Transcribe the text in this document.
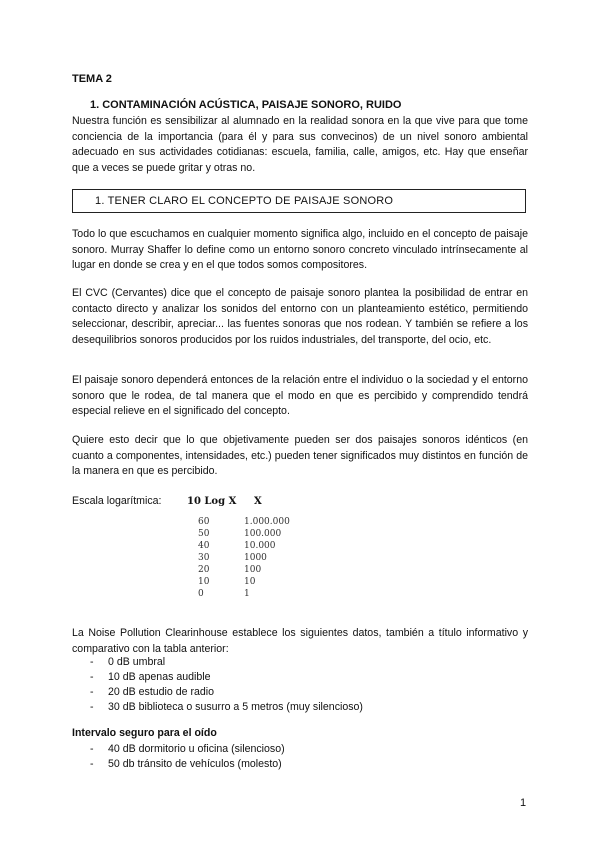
TEMA 2
1. CONTAMINACIÓN ACÚSTICA, PAISAJE SONORO, RUIDO

Nuestra función es sensibilizar al alumnado en la realidad sonora en la que vive para que tome conciencia de la importancia (para él y para sus convecinos) de un nivel sonoro ambiental adecuado en sus actividades cotidianas: escuela, familia, calle, amigos, etc. Hay que enseñar que a veces se puede gritar y otras no.

1. TENER CLARO EL CONCEPTO DE PAISAJE SONORO

Todo lo que escuchamos en cualquier momento significa algo, incluido en el concepto de paisaje sonoro. Murray Shaffer lo define como un entorno sonoro concreto vinculado intrínsecamente al lugar en donde se crea y en el que todos somos compositores.

El CVC (Cervantes) dice que el concepto de paisaje sonoro plantea la posibilidad de entrar en contacto directo y analizar los sonidos del entorno con un planteamiento estético, permitiendo seleccionar, describir, apreciar... las fuentes sonoras que nos rodean. Y también se refiere a los desequilibrios sonoros producidos por los ruidos industriales, del transporte, del ocio, etc.

El paisaje sonoro dependerá entonces de la relación entre el individuo o la sociedad y el entorno sonoro que le rodea, de tal manera que el modo en que es percibido y comprendido tendrá especial relieve en el significado del concepto.

Quiere esto decir que lo que objetivamente pueden ser dos paisajes sonoros idénticos (en cuanto a componentes, intensidades, etc.) pueden tener significados muy distintos en función de la manera en que es percibido.

Escala logarítmica:	10 Log X X
60	1.000.000
50	100.000
40	10.000
30	1000
20	100
10	10
0	1

La Noise Pollution Clearinhouse establece los siguientes datos, también a título informativo y comparativo con la tabla anterior:

- 0 dB umbral
- 10 dB apenas audible
- 20 dB estudio de radio
- 30 dB biblioteca o susurro a 5 metros (muy silencioso)
Intervalo seguro para el oído
- 40 dB dormitorio u oficina (silencioso)
- 50 db tránsito de vehículos (molesto)
1
